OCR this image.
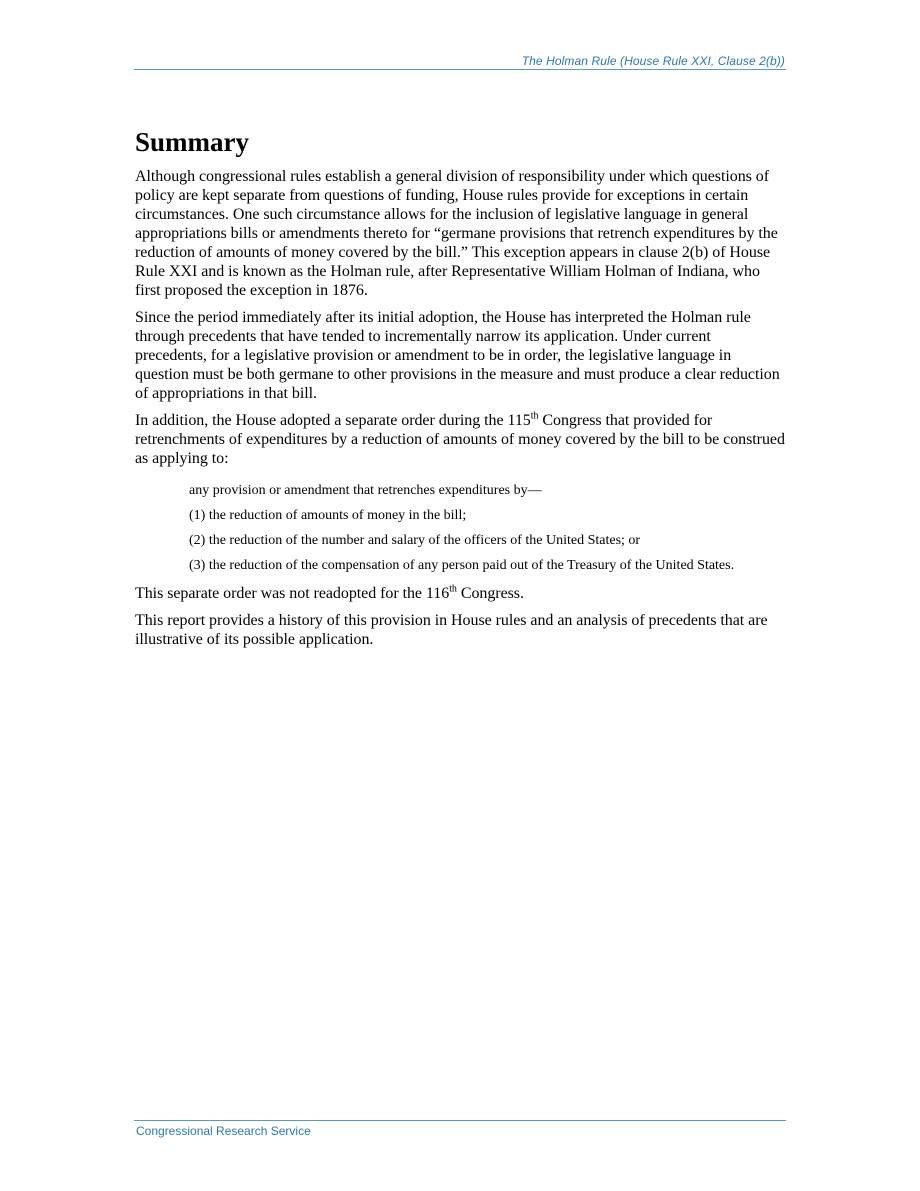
The Holman Rule (House Rule XXI, Clause 2(b))
Summary

Although congressional rules establish a general division of responsibility under which questions of policy are kept separate from questions of funding, House rules provide for exceptions in certain circumstances. One such circumstance allows for the inclusion of legislative language in general appropriations bills or amendments thereto for “germane provisions that retrench expenditures by the reduction of amounts of money covered by the bill.” This exception appears in clause 2(b) of House Rule XXI and is known as the Holman rule, after Representative William Holman of Indiana, who first proposed the exception in 1876.

Since the period immediately after its initial adoption, the House has interpreted the Holman rule through precedents that have tended to incrementally narrow its application. Under current precedents, for a legislative provision or amendment to be in order, the legislative language in question must be both germane to other provisions in the measure and must produce a clear reduction of appropriations in that bill.

In addition, the House adopted a separate order during the 115th Congress that provided for retrenchments of expenditures by a reduction of amounts of money covered by the bill to be construed as applying to:

any provision or amendment that retrenches expenditures by—

(1) the reduction of amounts of money in the bill;

(2) the reduction of the number and salary of the officers of the United States; or

(3) the reduction of the compensation of any person paid out of the Treasury of the United States.

This separate order was not readopted for the 116th Congress.

This report provides a history of this provision in House rules and an analysis of precedents that are illustrative of its possible application.

Congressional Research Service
